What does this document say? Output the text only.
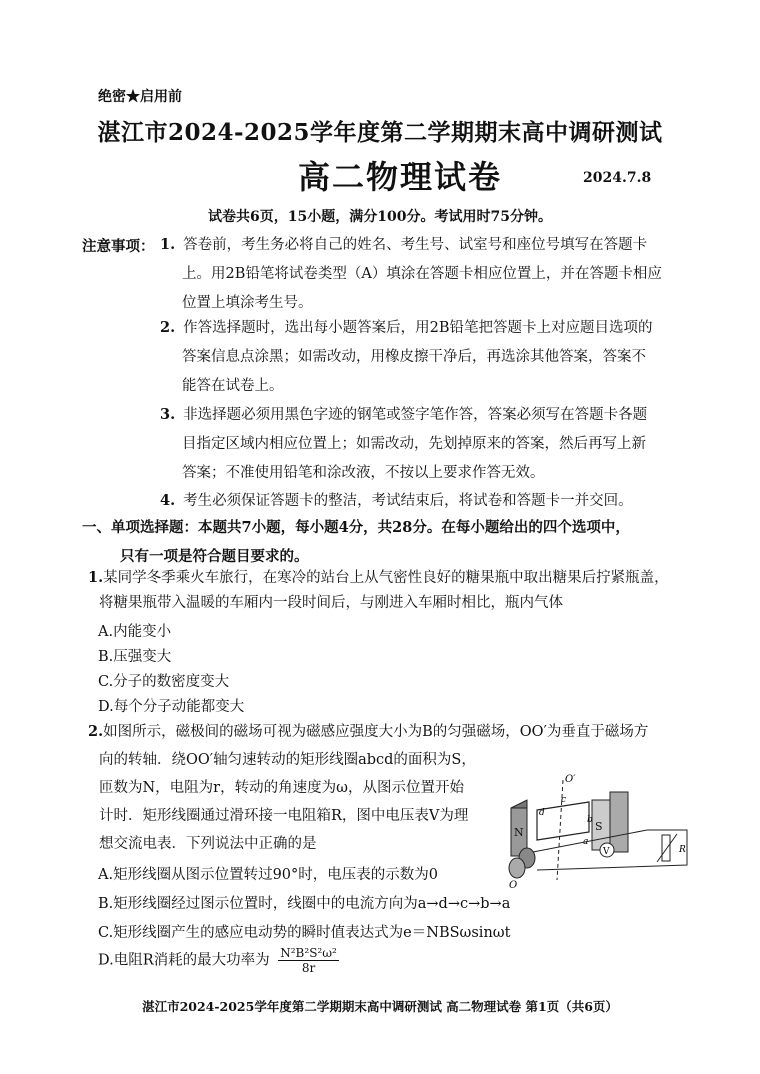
绝密★启用前
湛江市2024-2025学年度第二学期期末高中调研测试
高二物理试卷	2024.7.8
试卷共6页，15小题，满分100分。考试用时75分钟。
注意事项： 1. 答卷前，考生务必将自己的姓名、考生号、试室号和座位号填写在答题卡
上。用2B铅笔将试卷类型（A）填涂在答题卡相应位置上，并在答题卡相应
位置上填涂考生号。
2. 作答选择题时，选出每小题答案后，用2B铅笔把答题卡上对应题目选项的
答案信息点涂黑；如需改动，用橡皮擦干净后，再选涂其他答案，答案不
能答在试卷上。
3. 非选择题必须用黑色字迹的钢笔或签字笔作答，答案必须写在答题卡各题
目指定区域内相应位置上；如需改动，先划掉原来的答案，然后再写上新
答案；不准使用铅笔和涂改液，不按以上要求作答无效。
4. 考生必须保证答题卡的整洁，考试结束后，将试卷和答题卡一并交回。
一、单项选择题：本题共7小题，每小题4分，共28分。在每小题给出的四个选项中，
只有一项是符合题目要求的。
1.某同学冬季乘火车旅行，在寒冷的站台上从气密性良好的糖果瓶中取出糖果后拧紧瓶盖，
将糖果瓶带入温暖的车厢内一段时间后，与刚进入车厢时相比，瓶内气体
A.内能变小
B.压强变大
C.分子的数密度变大
D.每个分子动能都变大
2.如图所示，磁极间的磁场可视为磁感应强度大小为B的匀强磁场，OO′为垂直于磁场方
向的转轴．绕OO′轴匀速转动的矩形线圈abcd的面积为S，
匝数为N，电阻为r，转动的角速度为ω，从图示位置开始
计时．矩形线圈通过滑环接一电阻箱R，图中电压表V为理
想交流电表．下列说法中正确的是
N	S
d
c
b
a
O′
O
V	R
A.矩形线圈从图示位置转过90°时，电压表的示数为0
B.矩形线圈经过图示位置时，线圈中的电流方向为a→d→c→b→a
C.矩形线圈产生的感应电动势的瞬时值表达式为e＝NBSωsinωt
D.电阻R消耗的最大功率为 $\frac{\text{N²B²S²ω²}}{8r}$
湛江市2024-2025学年度第二学期期末高中调研测试 高二物理试卷 第1页（共6页）
